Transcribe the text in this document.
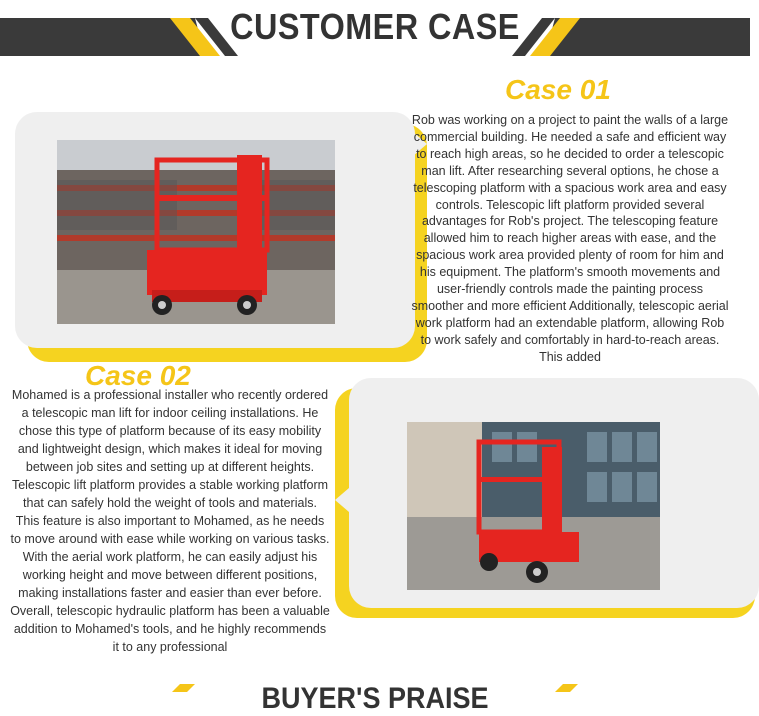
CUSTOMER CASE
Case 01
Rob was working on a project to paint the walls of a large commercial building. He needed a safe and efficient way to reach high areas, so he decided to order a telescopic man lift. After researching several options, he chose a telescoping platform with a spacious work area and easy controls. Telescopic lift platform provided several advantages for Rob's project. The telescoping feature allowed him to reach higher areas with ease, and the spacious work area provided plenty of room for him and his equipment. The platform's smooth movements and user-friendly controls made the painting process smoother and more efficient Additionally, telescopic aerial work platform had an extendable platform, allowing Rob to work safely and comfortably in hard-to-reach areas. This added
Case 02
Mohamed is a professional installer who recently ordered a telescopic man lift for indoor ceiling installations. He chose this type of platform because of its easy mobility and lightweight design, which makes it ideal for moving between job sites and setting up at different heights. Telescopic lift platform provides a stable working platform that can safely hold the weight of tools and materials. This feature is also important to Mohamed, as he needs to move around with ease while working on various tasks. With the aerial work platform, he can easily adjust his working height and move between different positions, making installations faster and easier than ever before. Overall, telescopic hydraulic platform has been a valuable addition to Mohamed's tools, and he highly recommends it to any professional
BUYER'S PRAISE
